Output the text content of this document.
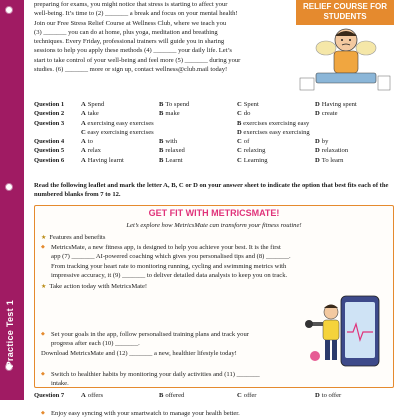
Practice Test 1
preparing for exams, you might notice that stress is starting to affect your
well-being. It’s time to (2) _______ a break and focus on your mental health!
Join our Free Stress Relief Course at Wellness Club, where we teach you
(3) _______ you can do at home, plus yoga, meditation and breathing
techniques. Every Friday, professional trainers will guide you in sharing
sessions to help you apply these methods (4) _______ your daily life. Let’s
start to take control of your well-being and feel more (5) _______ during your
studies. (6) _______ more or sign up, contact wellness@club.mail today!
RELIEF COURSE FOR STUDENTS
Question 1	A Spend	B To spend	C Spent	D Having spent
Question 2	A take	B make	C do	D create
Question 3	A exercising easy exercises	B exercises exercising easy
C easy exercising exercises	D exercises easy exercising
Question 4	A to	B with	C of	D by
Question 5	A relax	B relaxed	C relaxing	D relaxation
Question 6	A Having learnt	B Learnt	C Learning	D To learn
Read the following leaflet and mark the letter A, B, C or D on your answer sheet to indicate the option that best fits each of the numbered blanks from 7 to 12.
GET FIT WITH METRICSMATE!
Let’s explore how MetricsMate can transform your fitness routine!
★ Features and benefits
◆ MetricsMate, a new fitness app, is designed to help you achieve your best. It is the first
app (7) _______ AI-powered coaching which gives you personalised tips and (8) _______.
From tracking your heart rate to monitoring running, cycling and swimming metrics with
impressive accuracy, it (9) _______ to deliver detailed data analysis to keep you on track.
★ Take action today with MetricsMate!
◆ Set your goals in the app, follow personalised training plans and track your
progress after each (10) _______.
◆ Switch to healthier habits by monitoring your daily activities and (11) _______
intake.
◆ Enjoy easy syncing with your smartwatch to manage your health better.
Download MetricsMate and (12) _______ a new, healthier lifestyle today!
Question 7	A offers	B offered	C offer	D to offer
